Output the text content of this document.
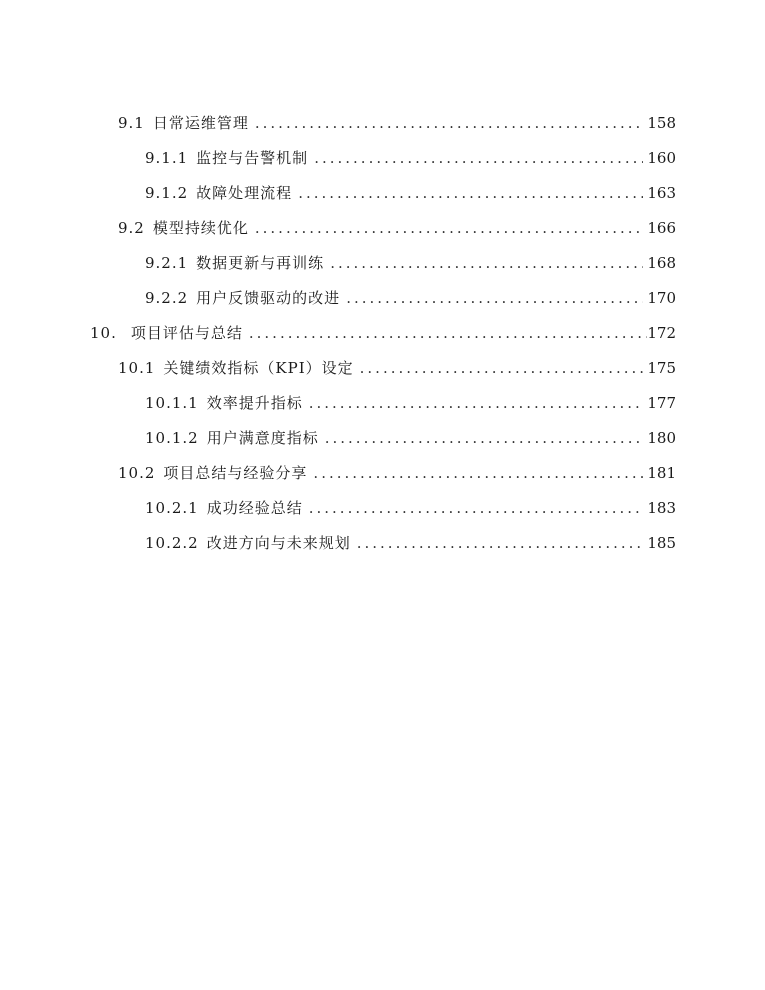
9.1 日常运维管理 .....	158
9.1.1 监控与告警机制 .....	160
9.1.2 故障处理流程 .....	163
9.2 模型持续优化 .....	166
9.2.1 数据更新与再训练 .....	168
9.2.2 用户反馈驱动的改进 .....	170
10. 项目评估与总结 .....	172
10.1 关键绩效指标（KPI）设定 .....	175
10.1.1 效率提升指标 .....	177
10.1.2 用户满意度指标 .....	180
10.2 项目总结与经验分享 .....	181
10.2.1 成功经验总结 .....	183
10.2.2 改进方向与未来规划 .....	185
